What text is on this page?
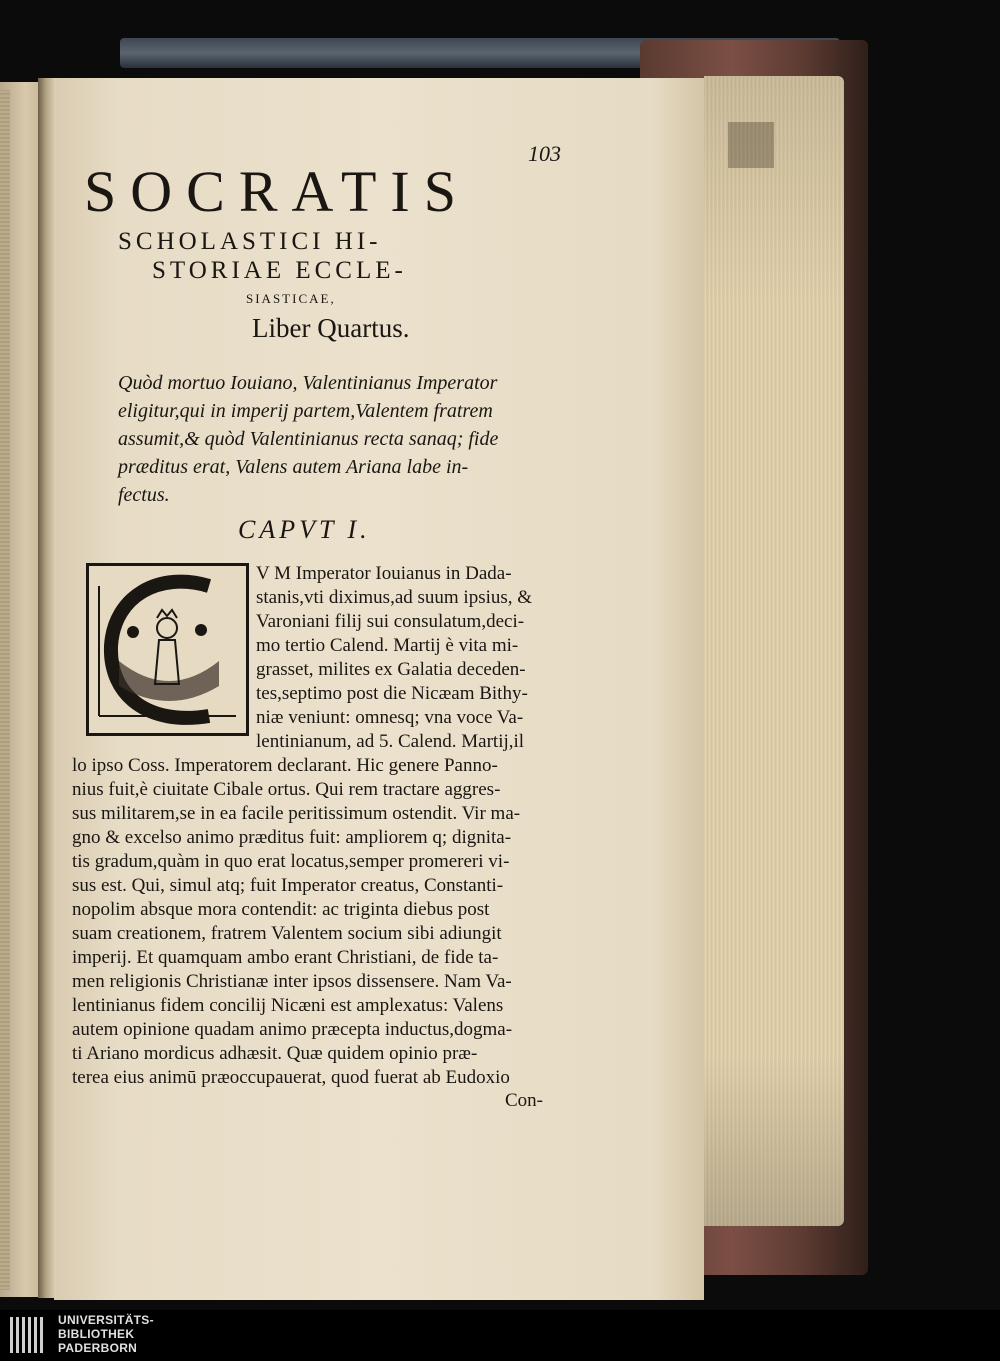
103
SOCRATIS
SCHOLASTICI HI-
STORIAE ECCLE-
SIASTICAE,
Liber Quartus.
Quòd mortuo Iouiano, Valentinianus Imperator
eligitur,qui in imperij partem,Valentem fratrem
assumit,& quòd Valentinianus recta sanaq; fide
præditus erat, Valens autem Ariana labe in-
fectus.
CAPVT I.
V M Imperator Iouianus in Dada-
stanis,vti diximus,ad suum ipsius, &
Varoniani filij sui consulatum,deci-
mo tertio Calend. Martij è vita mi-
grasset, milites ex Galatia deceden-
tes,septimo post die Nicæam Bithy-
niæ veniunt: omnesq; vna voce Va-
lentinianum, ad 5. Calend. Martij,il
lo ipso Coss. Imperatorem declarant. Hic genere Panno-
nius fuit,è ciuitate Cibale ortus. Qui rem tractare aggres-
sus militarem,se in ea facile peritissimum ostendit. Vir ma-
gno & excelso animo præditus fuit: ampliorem q; dignita-
tis gradum,quàm in quo erat locatus,semper promereri vi-
sus est. Qui, simul atq; fuit Imperator creatus, Constanti-
nopolim absque mora contendit: ac triginta diebus post
suam creationem, fratrem Valentem socium sibi adiungit
imperij. Et quamquam ambo erant Christiani, de fide ta-
men religionis Christianæ inter ipsos dissensere. Nam Va-
lentinianus fidem concilij Nicæni est amplexatus: Valens
autem opinione quadam animo præcepta inductus,dogma-
ti Ariano mordicus adhæsit. Quæ quidem opinio præ-
terea eius animū præoccupauerat, quod fuerat ab Eudoxio
Con-
UNIVERSITÄTS-
BIBLIOTHEK
PADERBORN
